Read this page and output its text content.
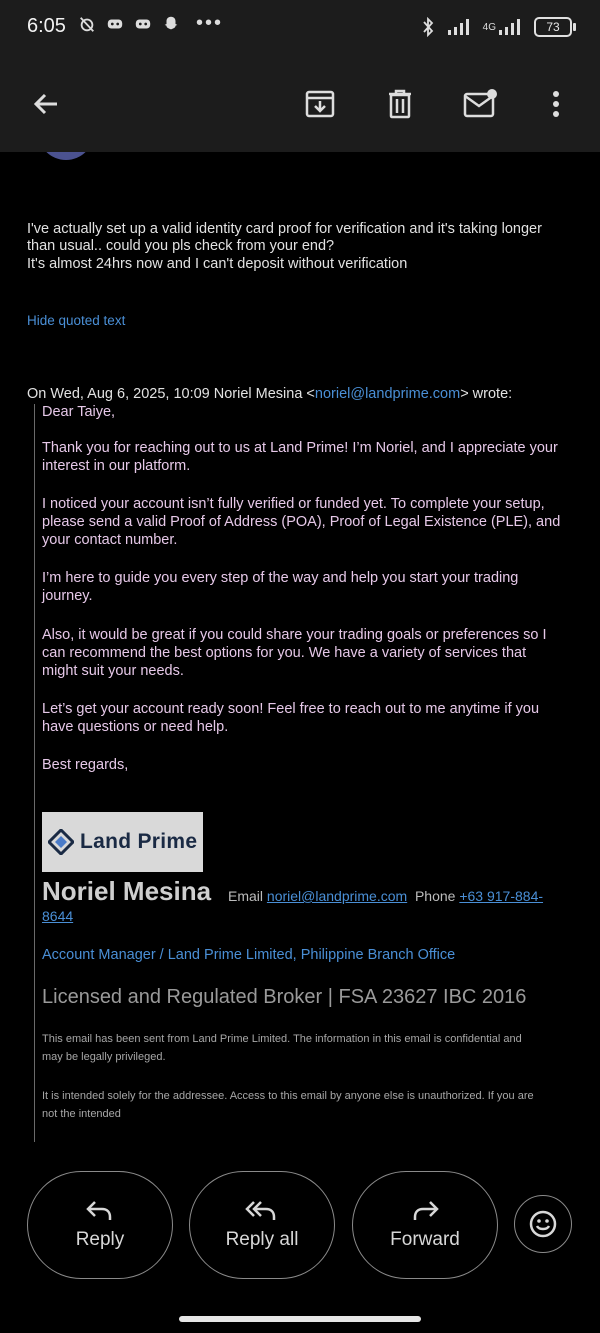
6:05	•••	4G	73
I've actually set up a valid identity card proof for verification and it's taking longer
than usual.. could you pls check from your end?
It's almost 24hrs now and I can't deposit without verification
Hide quoted text
On Wed, Aug 6, 2025, 10:09 Noriel Mesina <noriel@landprime.com> wrote:
Dear Taiye,
Thank you for reaching out to us at Land Prime! I’m Noriel, and I appreciate your
interest in our platform.
I noticed your account isn’t fully verified or funded yet. To complete your setup,
please send a valid Proof of Address (POA), Proof of Legal Existence (PLE), and
your contact number.
I’m here to guide you every step of the way and help you start your trading
journey.
Also, it would be great if you could share your trading goals or preferences so I
can recommend the best options for you. We have a variety of services that
might suit your needs.
Let’s get your account ready soon! Feel free to reach out to me anytime if you
have questions or need help.
Best regards,
Land Prime
Noriel Mesina Email noriel@landprime.com Phone +63 917-884-
8644
Account Manager / Land Prime Limited, Philippine Branch Office
Licensed and Regulated Broker | FSA 23627 IBC 2016
This email has been sent from Land Prime Limited. The information in this email is confidential and
may be legally privileged.
It is intended solely for the addressee. Access to this email by anyone else is unauthorized. If you are
not the intended
Reply	Reply all	Forward
